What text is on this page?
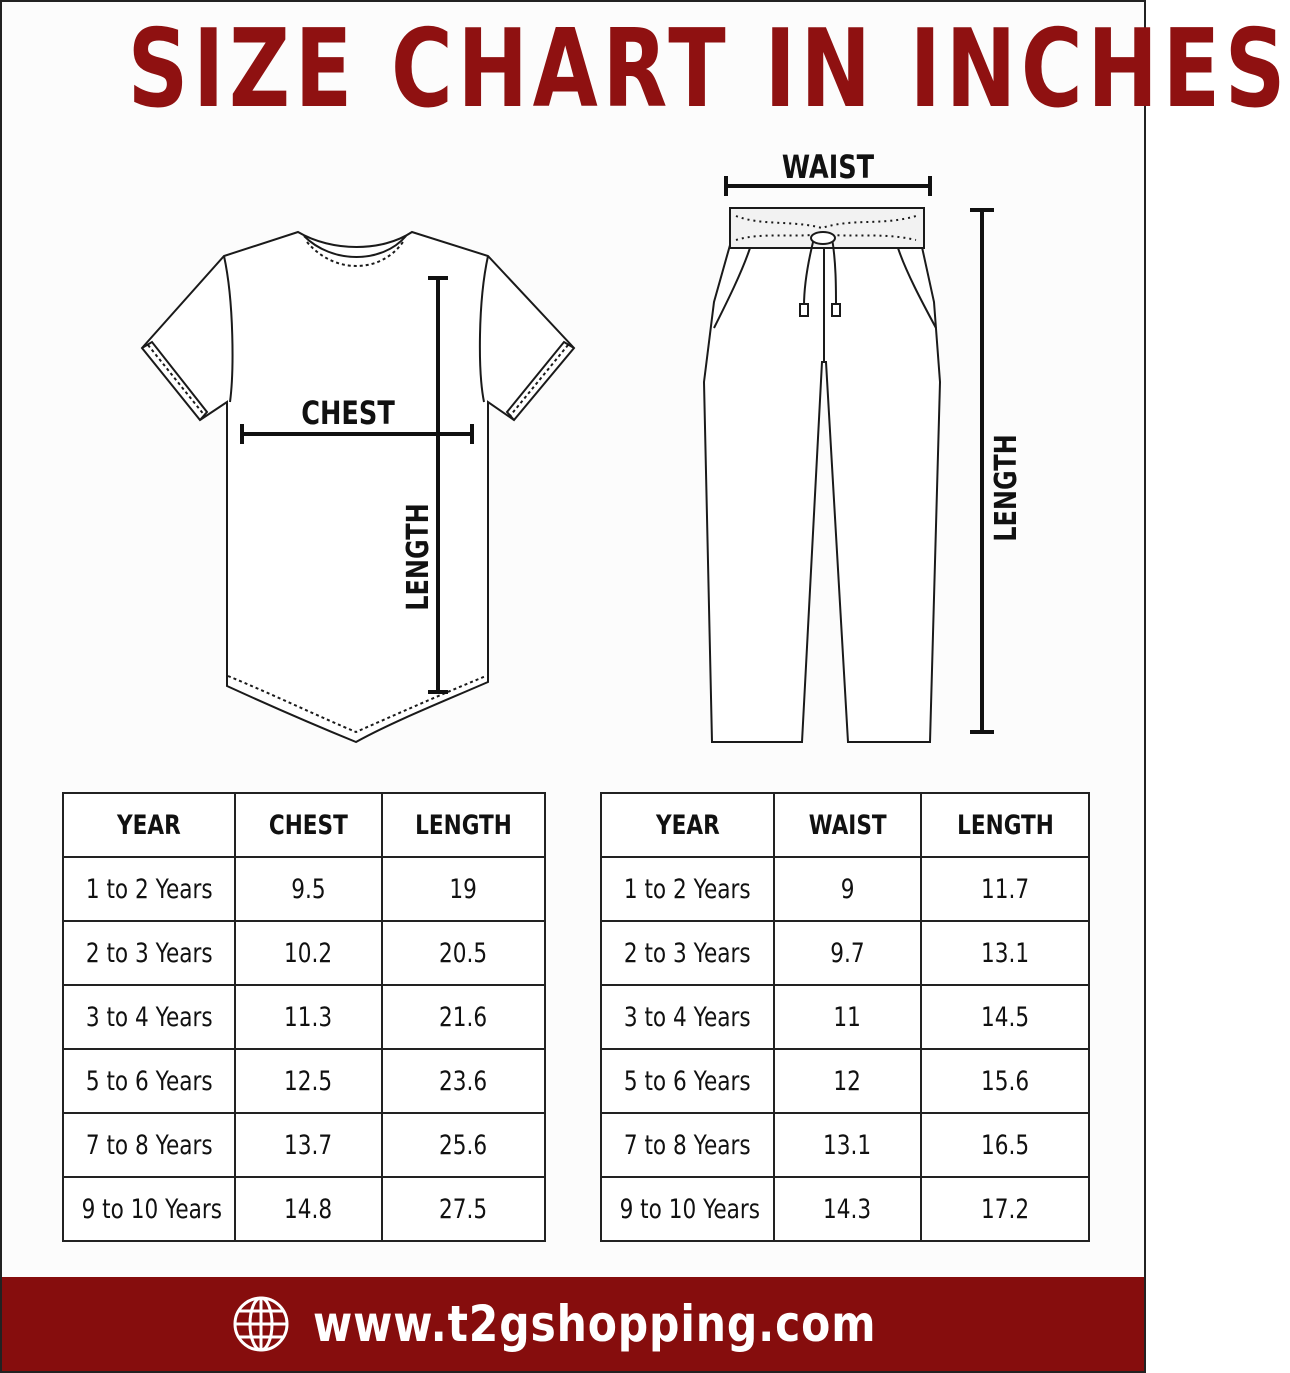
SIZE CHART IN INCHES
CHEST
LENGTH
WAIST
LENGTH
YEAR	CHEST	LENGTH
1 to 2 Years	9.5	19
2 to 3 Years	10.2	20.5
3 to 4 Years	11.3	21.6
5 to 6 Years	12.5	23.6
7 to 8 Years	13.7	25.6
9 to 10 Years	14.8	27.5
YEAR	WAIST	LENGTH
1 to 2 Years	9	11.7
2 to 3 Years	9.7	13.1
3 to 4 Years	11	14.5
5 to 6 Years	12	15.6
7 to 8 Years	13.1	16.5
9 to 10 Years	14.3	17.2
www.t2gshopping.com
